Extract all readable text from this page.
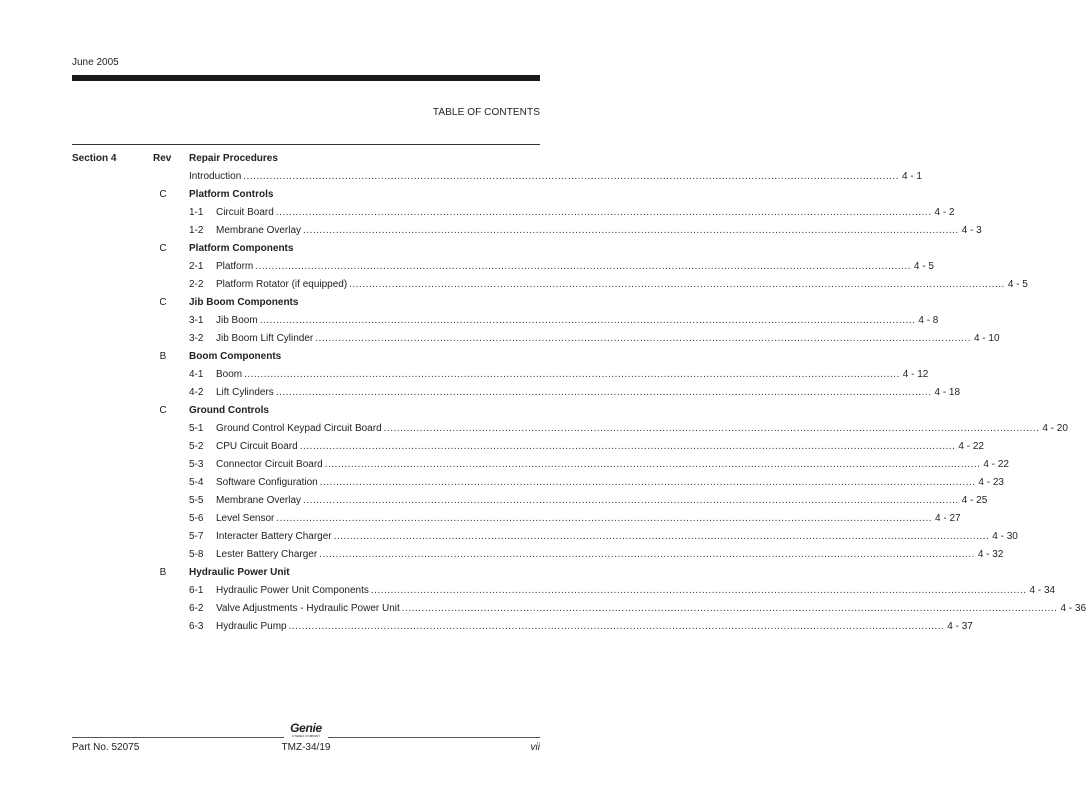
June 2005
TABLE OF CONTENTS
Section 4	Rev Repair Procedures
Introduction ........................................................................................................................................................................................................ 4 - 1
C Platform Controls
1-1 Circuit Board ........................................................................................................................................................................................................ 4 - 2
1-2 Membrane Overlay ........................................................................................................................................................................................................ 4 - 3
C Platform Components
2-1 Platform ........................................................................................................................................................................................................ 4 - 5
2-2 Platform Rotator (if equipped) ........................................................................................................................................................................................................ 4 - 5
C Jib Boom Components
3-1 Jib Boom ........................................................................................................................................................................................................ 4 - 8
3-2 Jib Boom Lift Cylinder ........................................................................................................................................................................................................ 4 - 10
B Boom Components
4-1 Boom ........................................................................................................................................................................................................ 4 - 12
4-2 Lift Cylinders ........................................................................................................................................................................................................ 4 - 18
C Ground Controls
5-1 Ground Control Keypad Circuit Board ........................................................................................................................................................................................................ 4 - 20
5-2 CPU Circuit Board ........................................................................................................................................................................................................ 4 - 22
5-3 Connector Circuit Board ........................................................................................................................................................................................................ 4 - 22
5-4 Software Configuration ........................................................................................................................................................................................................ 4 - 23
5-5 Membrane Overlay ........................................................................................................................................................................................................ 4 - 25
5-6 Level Sensor ........................................................................................................................................................................................................ 4 - 27
5-7 Interacter Battery Charger ........................................................................................................................................................................................................ 4 - 30
5-8 Lester Battery Charger ........................................................................................................................................................................................................ 4 - 32
B Hydraulic Power Unit
6-1 Hydraulic Power Unit Components ........................................................................................................................................................................................................ 4 - 34
6-2 Valve Adjustments - Hydraulic Power Unit ........................................................................................................................................................................................................ 4 - 36
6-3 Hydraulic Pump ........................................................................................................................................................................................................ 4 - 37
Genie
A TEREX COMPANY
Part No. 52075	TMZ-34/19	vii
